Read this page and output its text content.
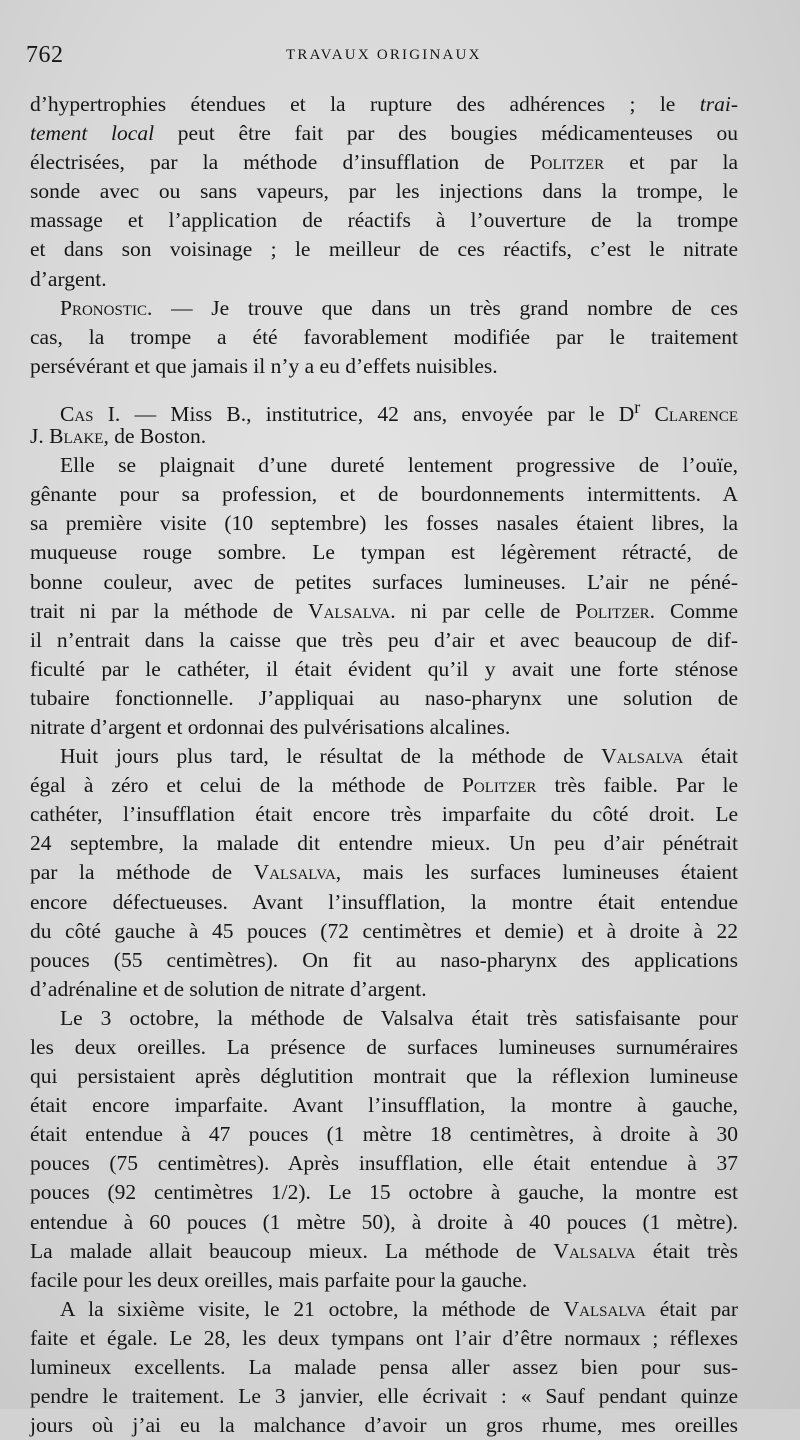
762	TRAVAUX ORIGINAUX
d’hypertrophies étendues et la rupture des adhérences ; le trai-
tement local peut être fait par des bougies médicamenteuses ou
électrisées, par la méthode d’insufflation de Politzer et par la
sonde avec ou sans vapeurs, par les injections dans la trompe, le
massage et l’application de réactifs à l’ouverture de la trompe
et dans son voisinage ; le meilleur de ces réactifs, c’est le nitrate
d’argent.
Pronostic. — Je trouve que dans un très grand nombre de ces
cas, la trompe a été favorablement modifiée par le traitement
persévérant et que jamais il n’y a eu d’effets nuisibles.
Cas I. — Miss B., institutrice, 42 ans, envoyée par le $D^r$ Clarence
J. Blake, de Boston.
Elle se plaignait d’une dureté lentement progressive de l’ouïe,
gênante pour sa profession, et de bourdonnements intermittents. A
sa première visite (10 septembre) les fosses nasales étaient libres, la
muqueuse rouge sombre. Le tympan est légèrement rétracté, de
bonne couleur, avec de petites surfaces lumineuses. L’air ne péné-
trait ni par la méthode de Valsalva. ni par celle de Politzer. Comme
il n’entrait dans la caisse que très peu d’air et avec beaucoup de dif-
ficulté par le cathéter, il était évident qu’il y avait une forte sténose
tubaire fonctionnelle. J’appliquai au naso-pharynx une solution de
nitrate d’argent et ordonnai des pulvérisations alcalines.
Huit jours plus tard, le résultat de la méthode de Valsalva était
égal à zéro et celui de la méthode de Politzer très faible. Par le
cathéter, l’insufflation était encore très imparfaite du côté droit. Le
24 septembre, la malade dit entendre mieux. Un peu d’air pénétrait
par la méthode de Valsalva, mais les surfaces lumineuses étaient
encore défectueuses. Avant l’insufflation, la montre était entendue
du côté gauche à 45 pouces (72 centimètres et demie) et à droite à 22
pouces (55 centimètres). On fit au naso-pharynx des applications
d’adrénaline et de solution de nitrate d’argent.
Le 3 octobre, la méthode de Valsalva était très satisfaisante pour
les deux oreilles. La présence de surfaces lumineuses surnuméraires
qui persistaient après déglutition montrait que la réflexion lumineuse
était encore imparfaite. Avant l’insufflation, la montre à gauche,
était entendue à 47 pouces (1 mètre 18 centimètres, à droite à 30
pouces (75 centimètres). Après insufflation, elle était entendue à 37
pouces (92 centimètres 1/2). Le 15 octobre à gauche, la montre est
entendue à 60 pouces (1 mètre 50), à droite à 40 pouces (1 mètre).
La malade allait beaucoup mieux. La méthode de Valsalva était très
facile pour les deux oreilles, mais parfaite pour la gauche.
A la sixième visite, le 21 octobre, la méthode de Valsalva était par
faite et égale. Le 28, les deux tympans ont l’air d’être normaux ; réflexes
lumineux excellents. La malade pensa aller assez bien pour sus-
pendre le traitement. Le 3 janvier, elle écrivait : « Sauf pendant quinze
jours où j’ai eu la malchance d’avoir un gros rhume, mes oreilles
